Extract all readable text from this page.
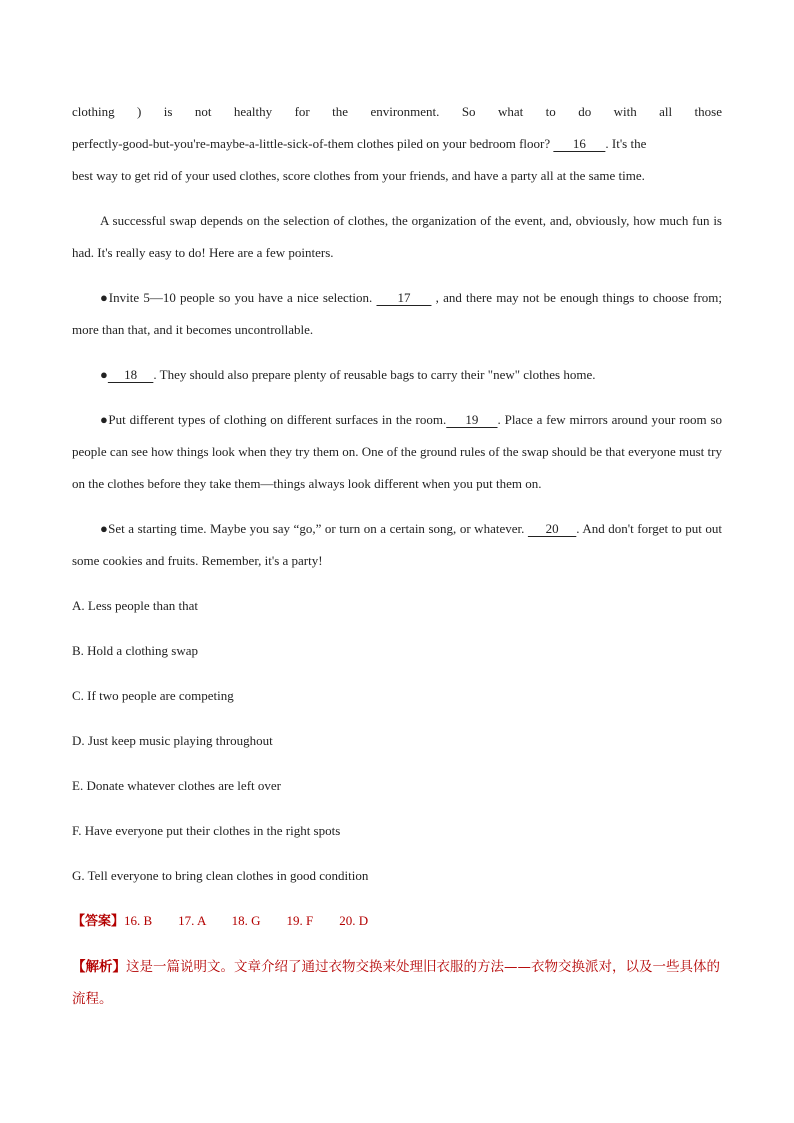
clothing ) is not healthy for the environment. So what to do with all those

perfectly-good-but-you're-maybe-a-little-sick-of-them clothes piled on your bedroom floor?       16      . It's the

best way to get rid of your used clothes, score clothes from your friends, and have a party all at the same time.

A successful swap depends on the selection of clothes, the organization of the event, and, obviously, how much fun is had. It's really easy to do! Here are a few pointers.

●Invite 5—10 people so you have a nice selection.      17      , and there may not be enough things to choose from; more than that, and it becomes uncontrollable.

●     18     . They should also prepare plenty of reusable bags to carry their "new" clothes home.

●Put different types of clothing on different surfaces in the room.     19     . Place a few mirrors around your room so people can see how things look when they try them on. One of the ground rules of the swap should be that everyone must try on the clothes before they take them—things always look different when you put them on.

●Set a starting time. Maybe you say “go,” or turn on a certain song, or whatever.      20     . And don't forget to put out some cookies and fruits. Remember, it's a party!

A. Less people than that

B. Hold a clothing swap

C. If two people are competing

D. Just keep music playing throughout

E. Donate whatever clothes are left over

F. Have everyone put their clothes in the right spots

G. Tell everyone to bring clean clothes in good condition

【答案】16. B        17. A        18. G        19. F        20. D

【解析】这是一篇说明文。文章介绍了通过衣物交换来处理旧衣服的方法——衣物交换派对，以及一些具体的流程。
